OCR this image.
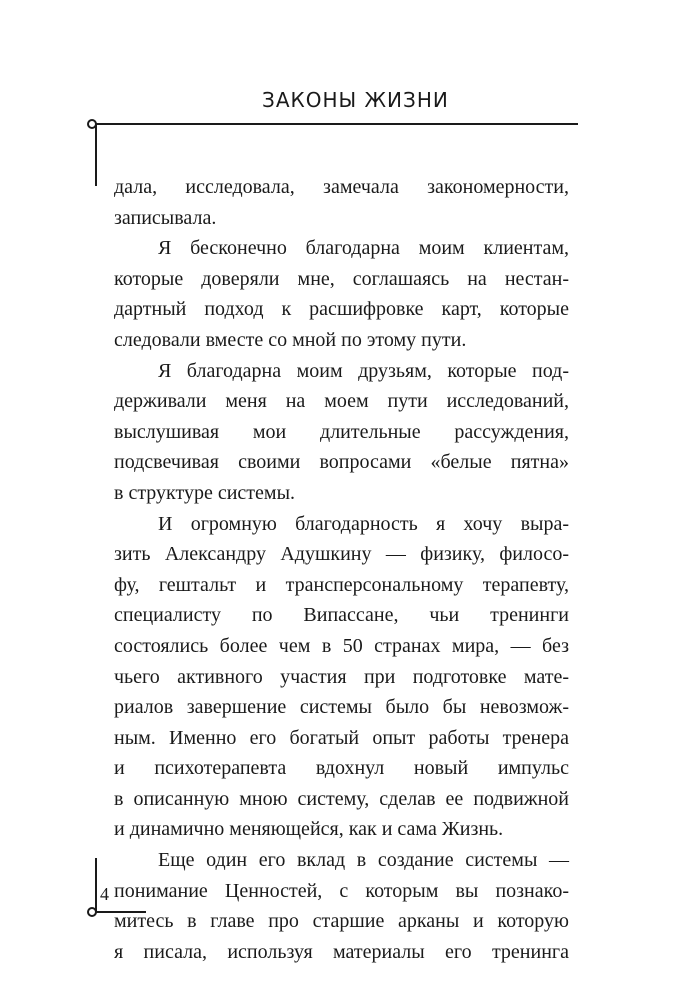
ЗАКОНЫ ЖИЗНИ

дала, исследовала, замечала закономерности,
записывала.

Я бесконечно благодарна моим клиентам,
которые доверяли мне, соглашаясь на нестан-
дартный подход к расшифровке карт, которые
следовали вместе со мной по этому пути.

Я благодарна моим друзьям, которые под-
держивали меня на моем пути исследований,
выслушивая мои длительные рассуждения,
подсвечивая своими вопросами «белые пятна»
в структуре системы.

И огромную благодарность я хочу выра-
зить Александру Адушкину — физику, филосо-
фу, гештальт и трансперсональному терапевту,
специалисту по Випассане, чьи тренинги
состоялись более чем в 50 странах мира, — без
чьего активного участия при подготовке мате-
риалов завершение системы было бы невозмож-
ным. Именно его богатый опыт работы тренера
и психотерапевта вдохнул новый импульс
в описанную мною систему, сделав ее подвижной
и динамично меняющейся, как и сама Жизнь.

Еще один его вклад в создание системы —
понимание Ценностей, с которым вы познако-
митесь в главе про старшие арканы и которую
я писала, используя материалы его тренинга

4
